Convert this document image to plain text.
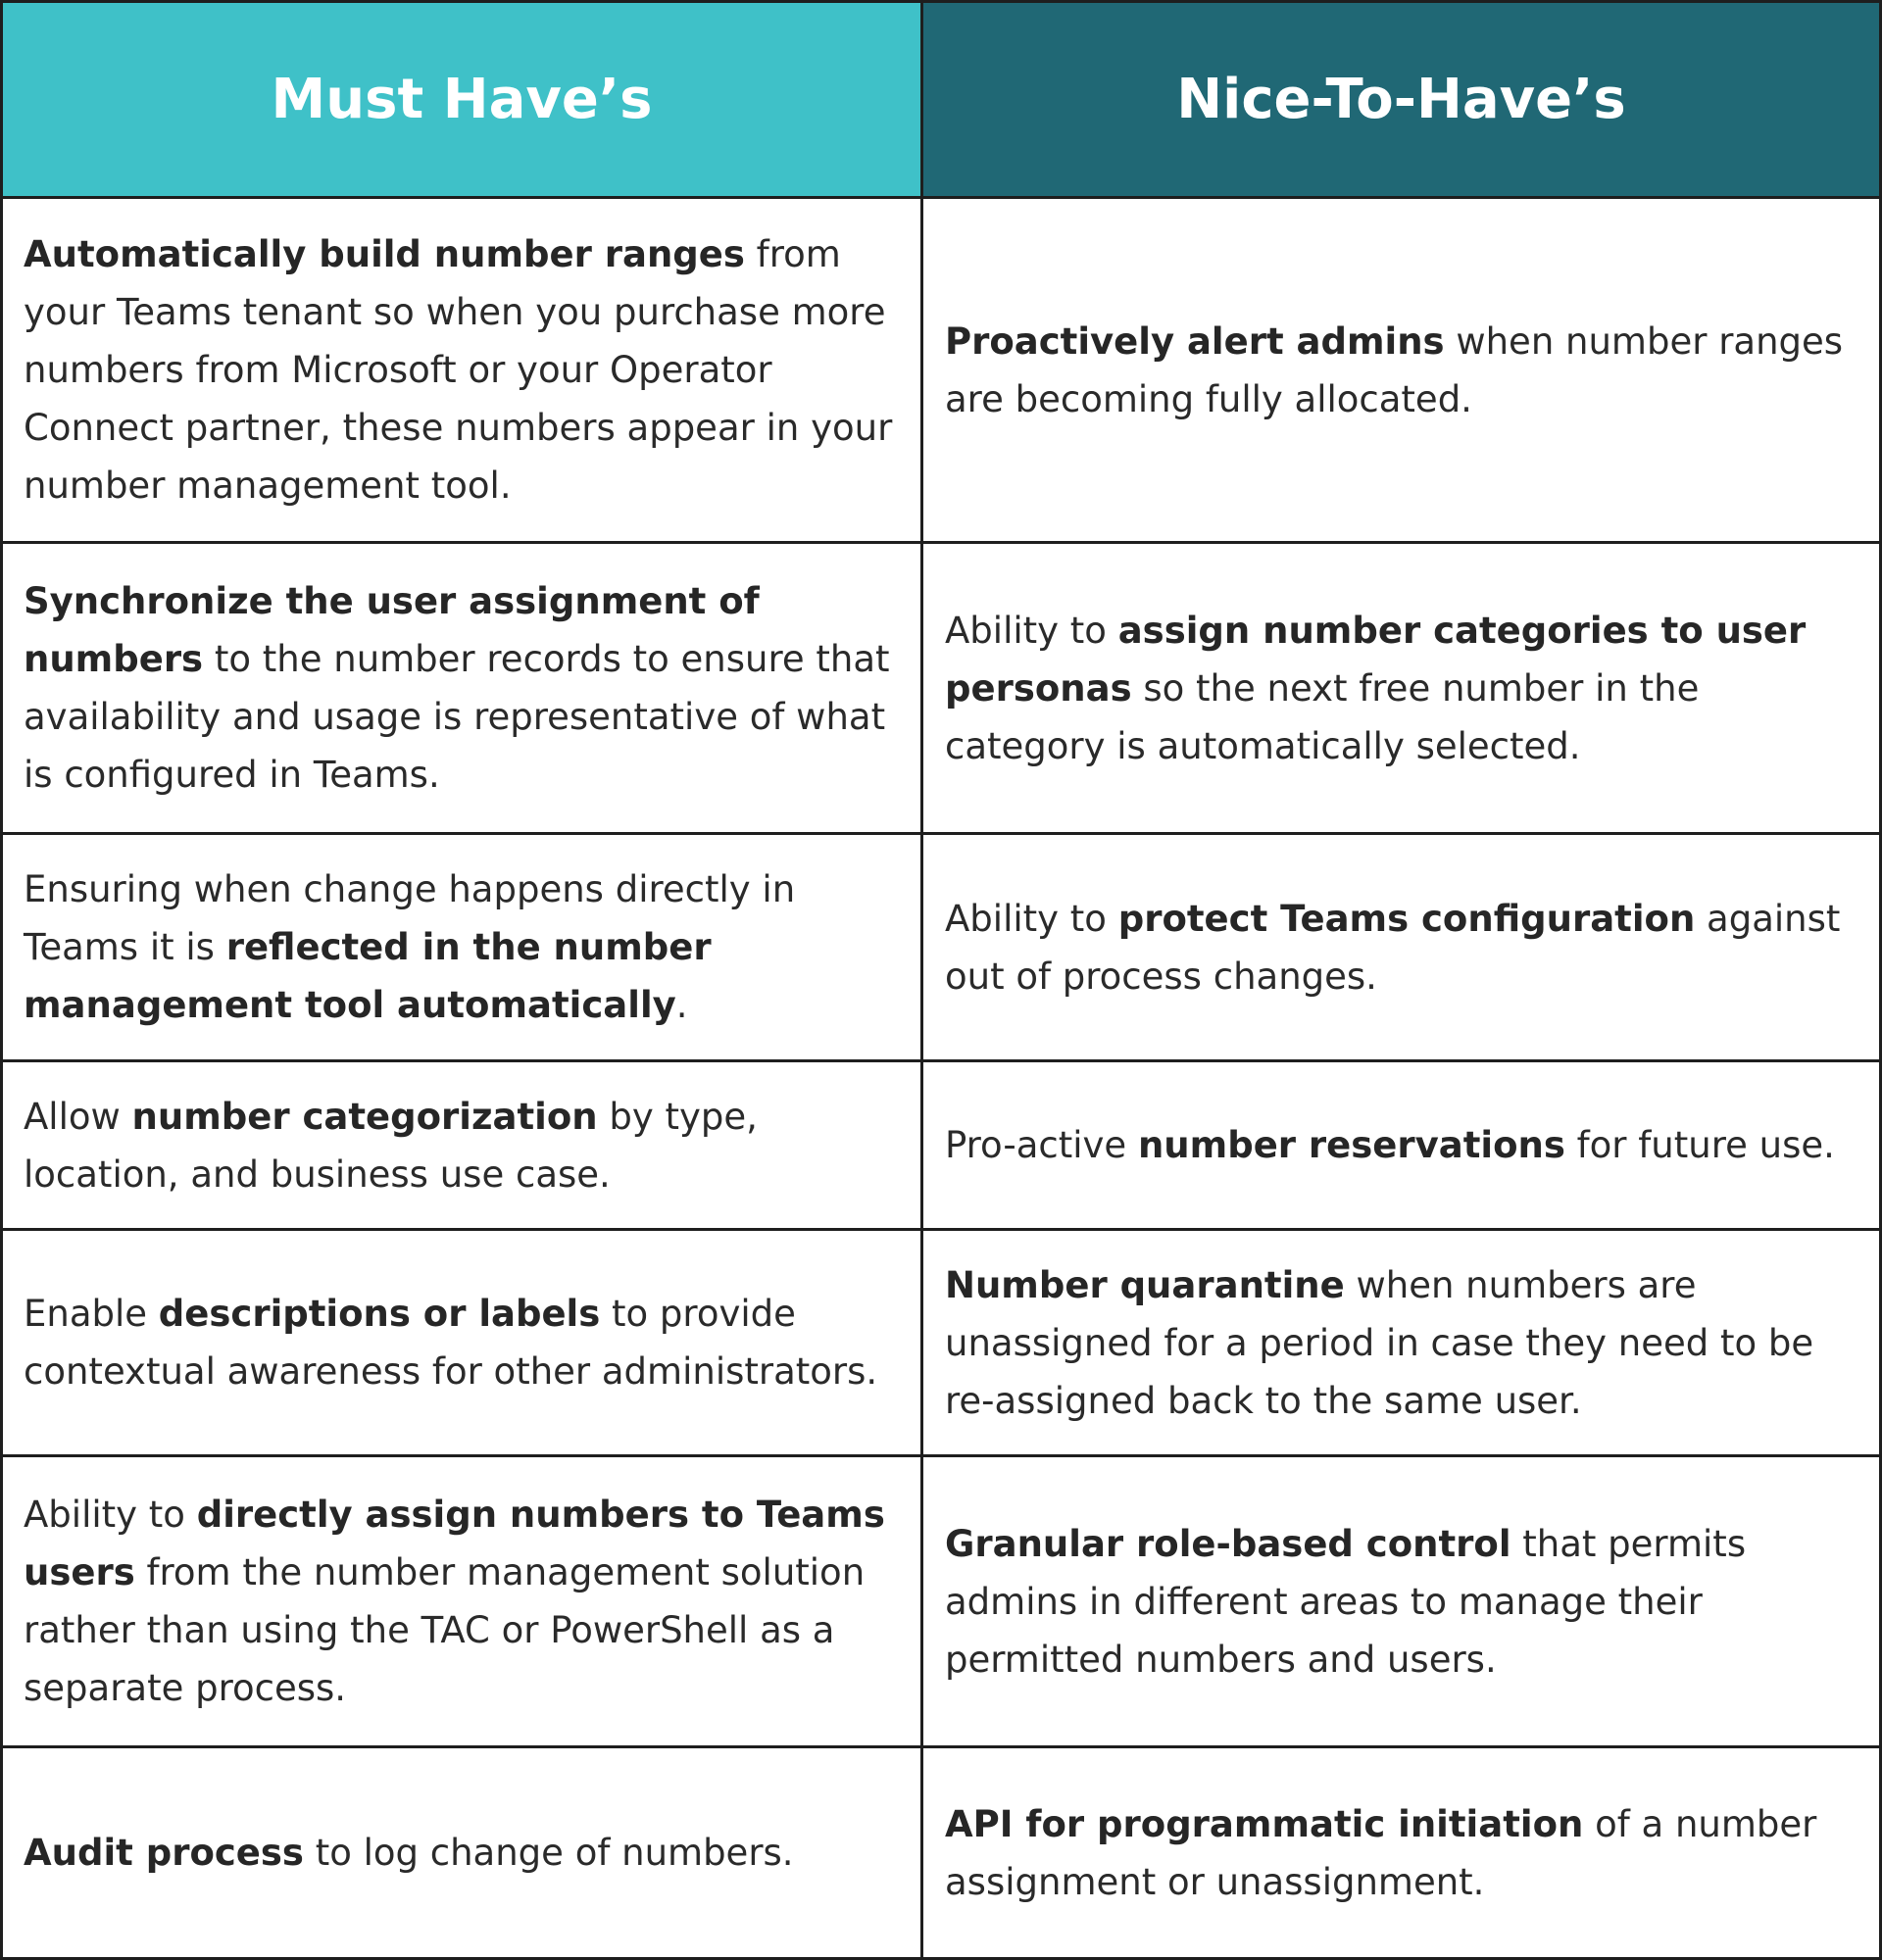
Must Have’s	Nice-To-Have’s
Automatically build number ranges from your Teams tenant so when you purchase more numbers from Microsoft or your Operator Connect partner, these numbers appear in your number management tool.
Proactively alert admins when number ranges are becoming fully allocated.
Synchronize the user assignment of numbers to the number records to ensure that availability and usage is representative of what is configured in Teams.
Ability to assign number categories to user personas so the next free number in the category is automatically selected.
Ensuring when change happens directly in Teams it is reflected in the number management tool automatically.
Ability to protect Teams configuration against out of process changes.
Allow number categorization by type, location, and business use case.
Pro-active number reservations for future use.
Enable descriptions or labels to provide contextual awareness for other administrators.
Number quarantine when numbers are unassigned for a period in case they need to be re-assigned back to the same user.
Ability to directly assign numbers to Teams users from the number management solution rather than using the TAC or PowerShell as a separate process.
Granular role-based control that permits admins in different areas to manage their permitted numbers and users.
Audit process to log change of numbers.
API for programmatic initiation of a number assignment or unassignment.
